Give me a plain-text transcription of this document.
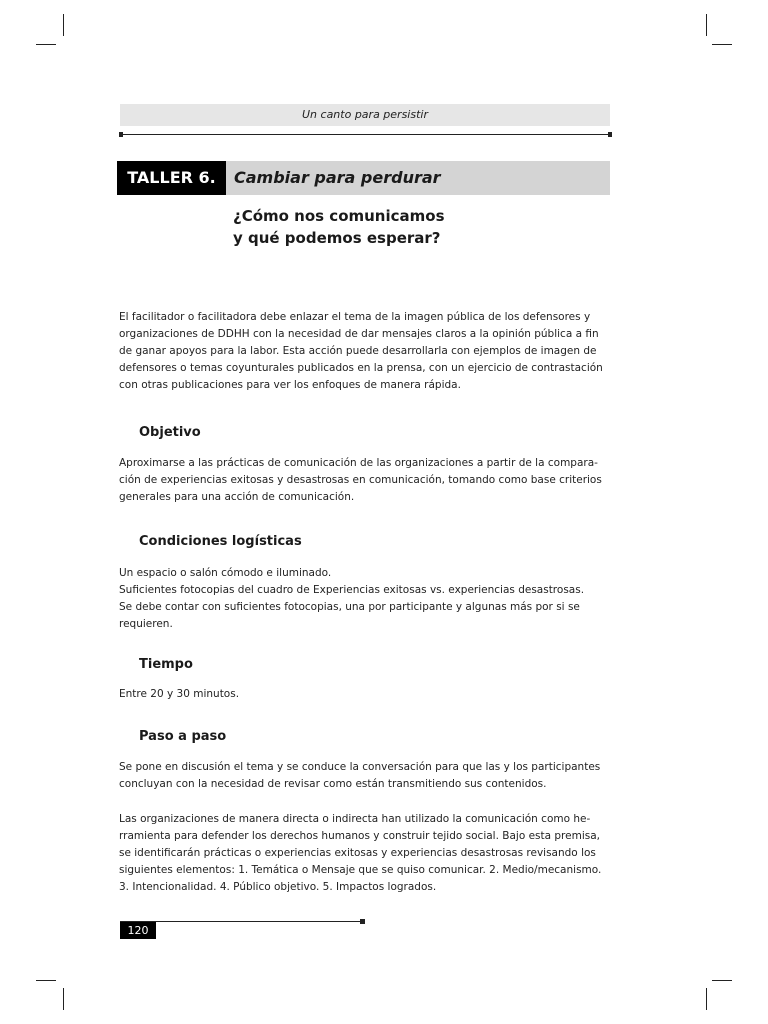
Un canto para persistir
TALLER 6.	Cambiar para perdurar
¿Cómo nos comunicamos
y qué podemos esperar?
El facilitador o facilitadora debe enlazar el tema de la imagen pública de los defensores y
organizaciones de DDHH con la necesidad de dar mensajes claros a la opinión pública a fin
de ganar apoyos para la labor. Esta acción puede desarrollarla con ejemplos de imagen de
defensores o temas coyunturales publicados en la prensa, con un ejercicio de contrastación
con otras publicaciones para ver los enfoques de manera rápida.
Objetivo
Aproximarse a las prácticas de comunicación de las organizaciones a partir de la compara-
ción de experiencias exitosas y desastrosas en comunicación, tomando como base criterios
generales para una acción de comunicación.
Condiciones logísticas
Un espacio o salón cómodo e iluminado.
Suficientes fotocopias del cuadro de Experiencias exitosas vs. experiencias desastrosas.
Se debe contar con suficientes fotocopias, una por participante y algunas más por si se
requieren.
Tiempo
Entre 20 y 30 minutos.
Paso a paso
Se pone en discusión el tema y se conduce la conversación para que las y los participantes
concluyan con la necesidad de revisar como están transmitiendo sus contenidos.
Las organizaciones de manera directa o indirecta han utilizado la comunicación como he-
rramienta para defender los derechos humanos y construir tejido social. Bajo esta premisa,
se identificarán prácticas o experiencias exitosas y experiencias desastrosas revisando los
siguientes elementos: 1. Temática o Mensaje que se quiso comunicar. 2. Medio/mecanismo.
3. Intencionalidad. 4. Público objetivo. 5. Impactos logrados.
120
